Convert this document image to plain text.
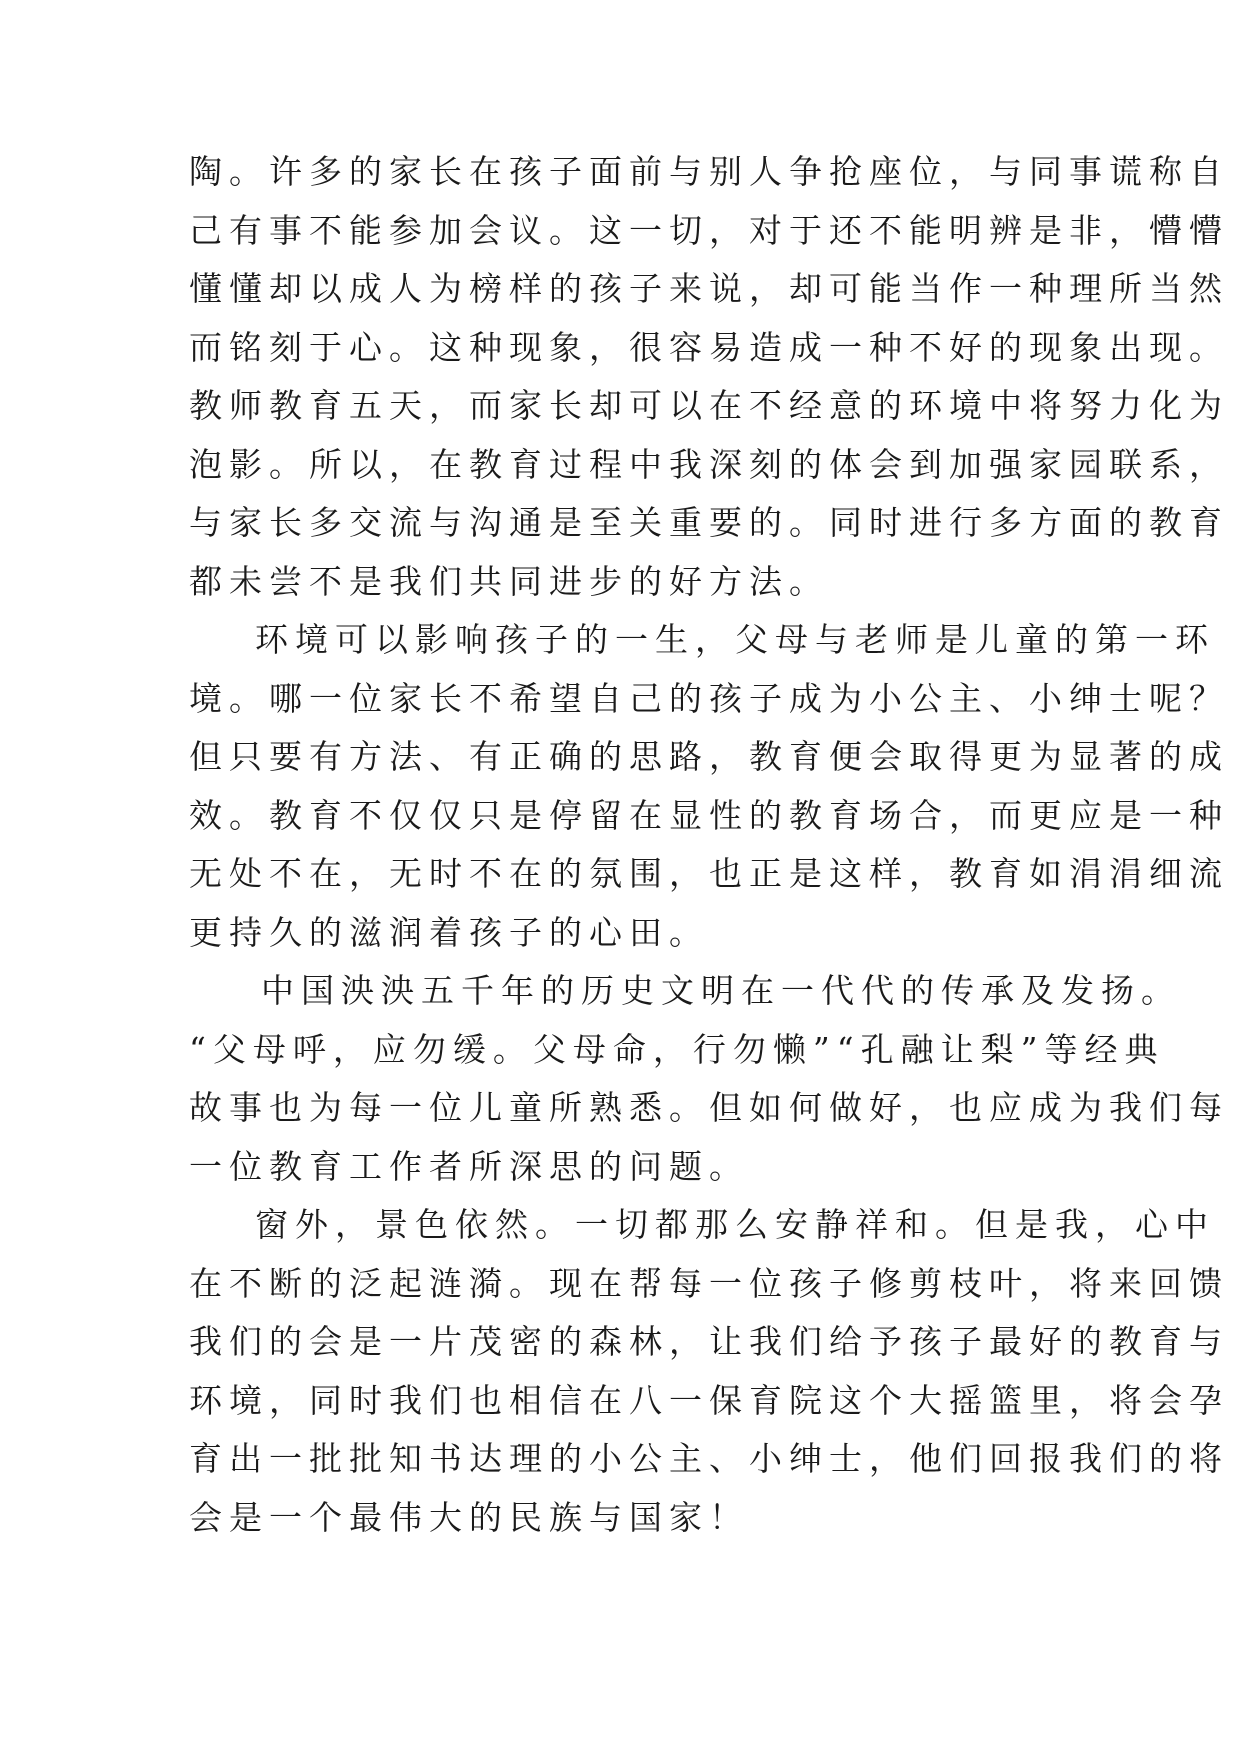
陶。许多的家长在孩子面前与别人争抢座位，与同事谎称自
己有事不能参加会议。这一切，对于还不能明辨是非，懵懵
懂懂却以成人为榜样的孩子来说，却可能当作一种理所当然
而铭刻于心。这种现象，很容易造成一种不好的现象出现。
教师教育五天，而家长却可以在不经意的环境中将努力化为
泡影。所以，在教育过程中我深刻的体会到加强家园联系，
与家长多交流与沟通是至关重要的。同时进行多方面的教育
都未尝不是我们共同进步的好方法。
环境可以影响孩子的一生，父母与老师是儿童的第一环
境。哪一位家长不希望自己的孩子成为小公主、小绅士呢？
但只要有方法、有正确的思路，教育便会取得更为显著的成
效。教育不仅仅只是停留在显性的教育场合，而更应是一种
无处不在，无时不在的氛围，也正是这样，教育如涓涓细流
更持久的滋润着孩子的心田。
中国泱泱五千年的历史文明在一代代的传承及发扬。
“父母呼，应勿缓。父母命，行勿懒”“孔融让梨”等经典
故事也为每一位儿童所熟悉。但如何做好，也应成为我们每
一位教育工作者所深思的问题。
窗外，景色依然。一切都那么安静祥和。但是我，心中
在不断的泛起涟漪。现在帮每一位孩子修剪枝叶，将来回馈
我们的会是一片茂密的森林，让我们给予孩子最好的教育与
环境，同时我们也相信在八一保育院这个大摇篮里，将会孕
育出一批批知书达理的小公主、小绅士，他们回报我们的将
会是一个最伟大的民族与国家！
